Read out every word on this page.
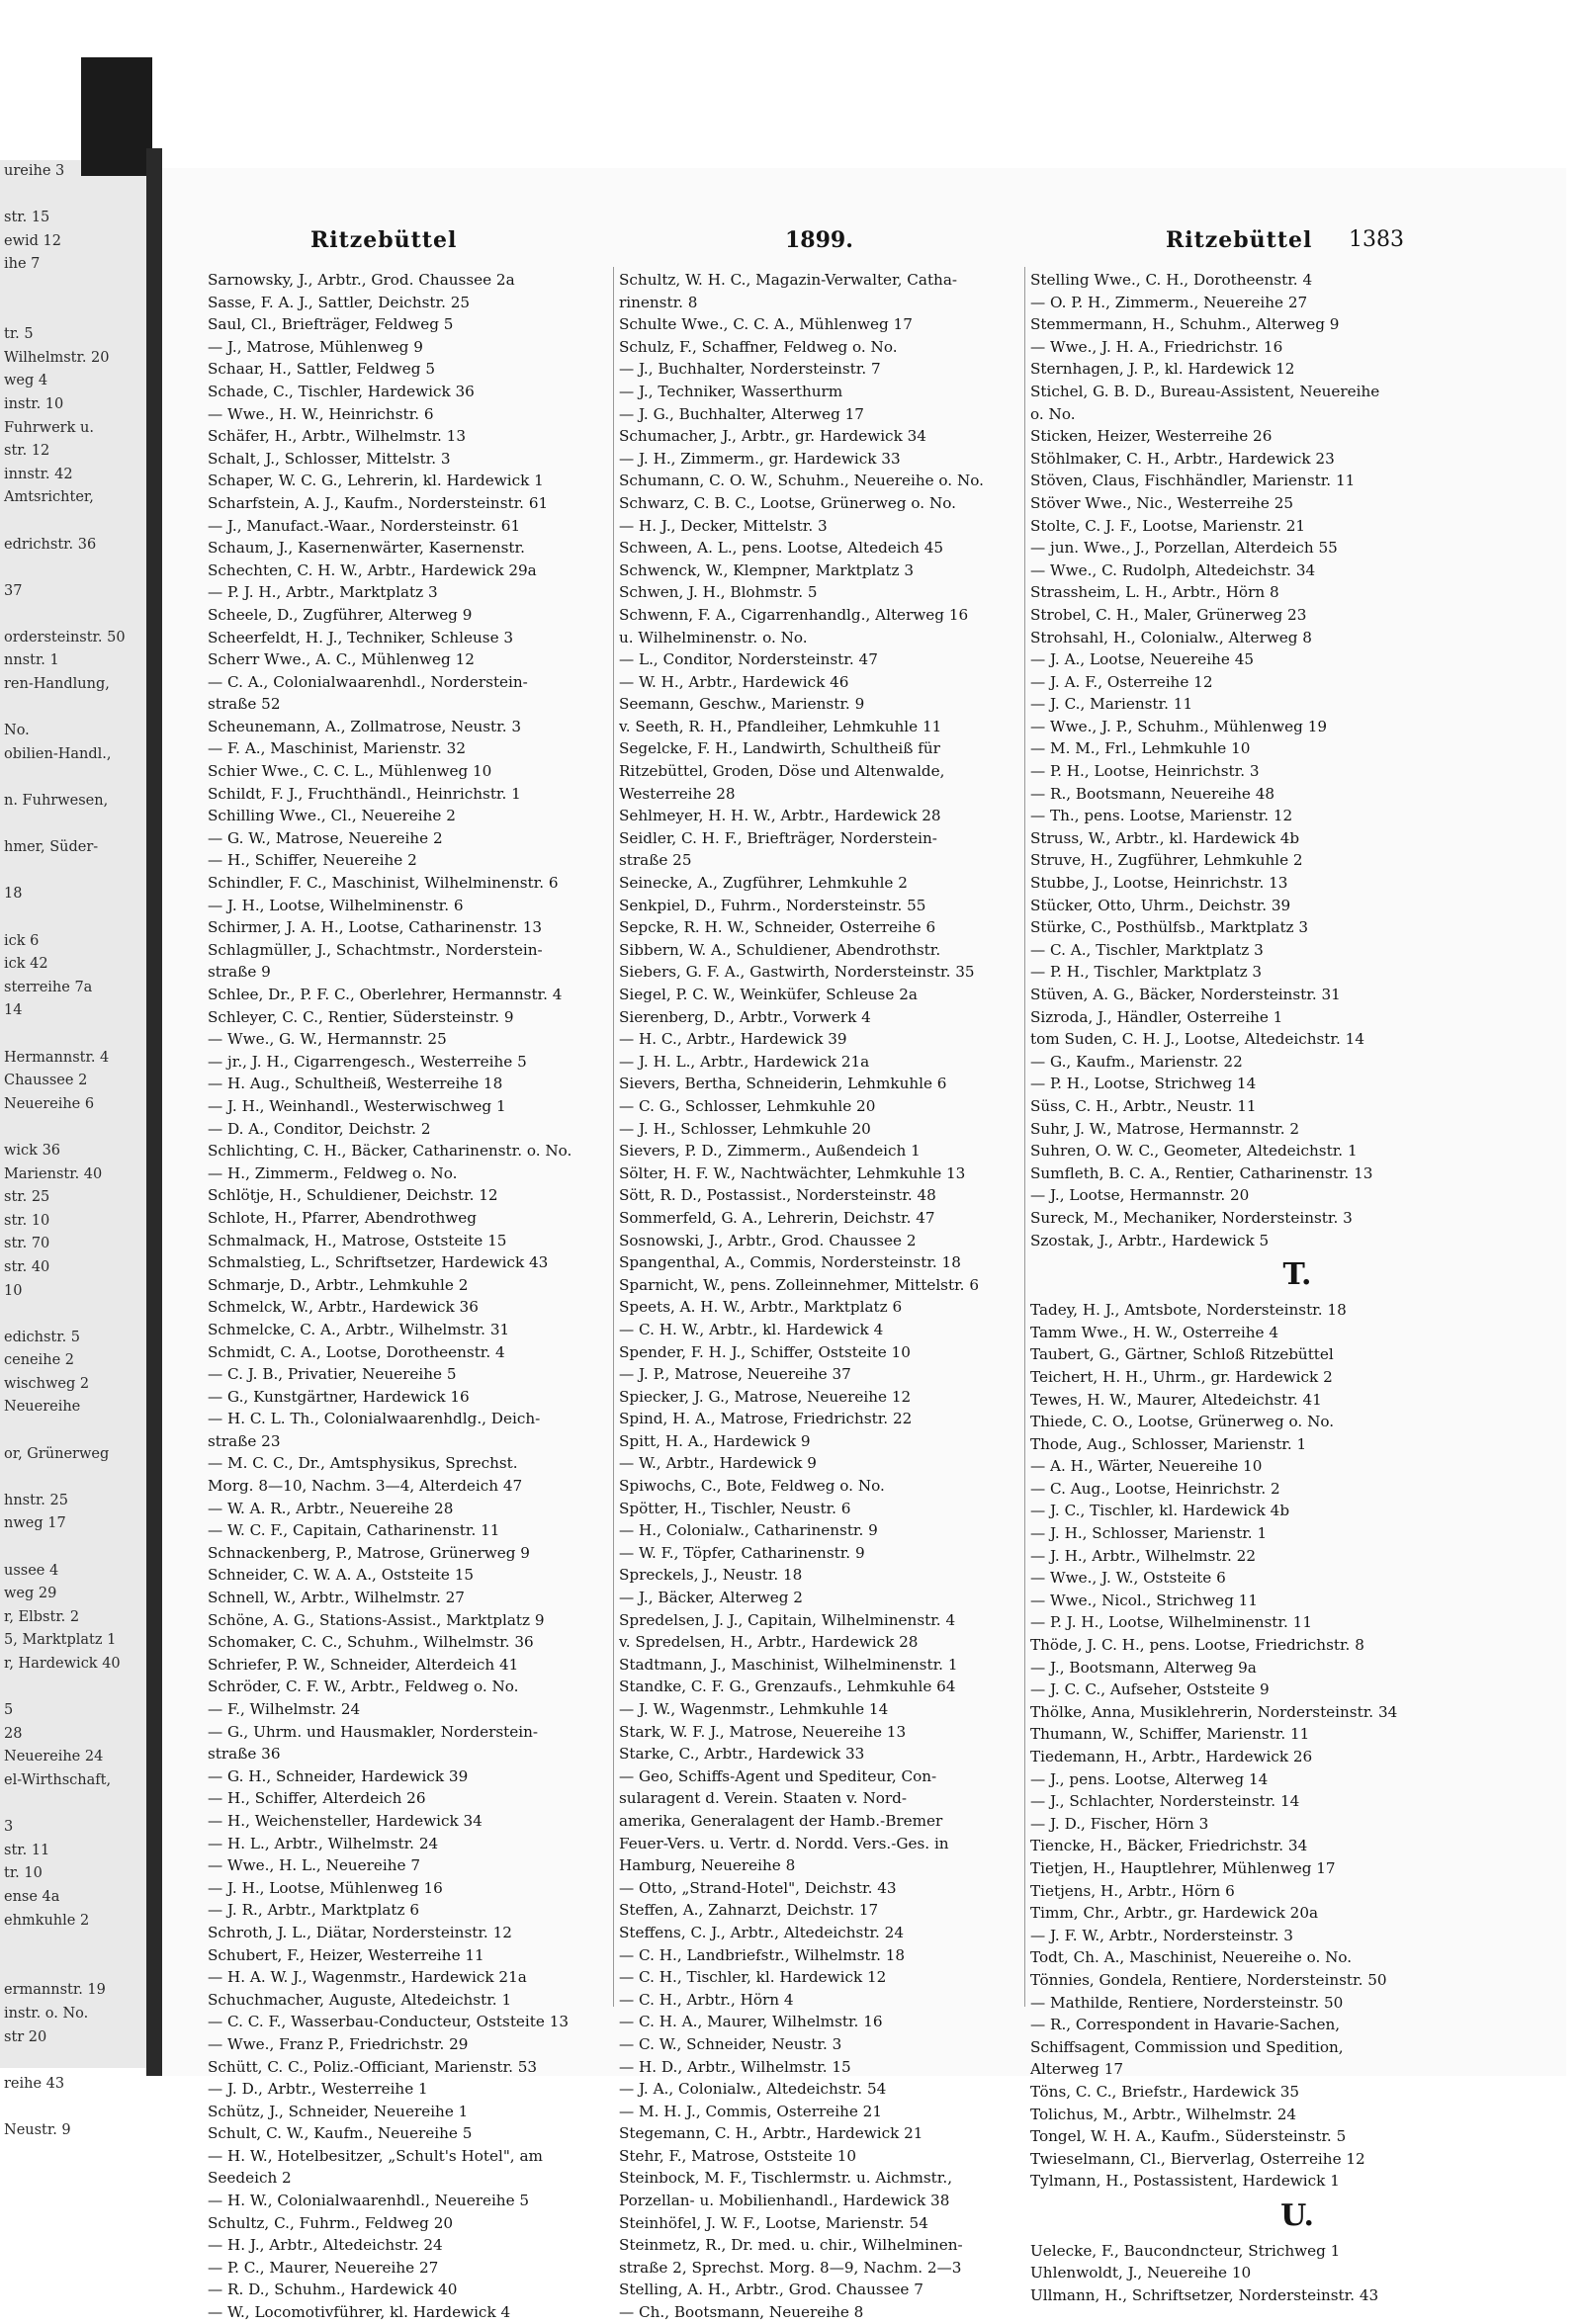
ureihe 3
str. 15
ewid 12
ihe 7
tr. 5
Wilhelmstr. 20
weg 4
instr. 10
Fuhrwerk u.
str. 12
innstr. 42
Amtsrichter,
edrichstr. 36
37
ordersteinstr. 50
nnstr. 1
ren-Handlung,
No.
obilien-Handl.,
n. Fuhrwesen,
hmer, Süder-
18
ick 6
ick 42
sterreihe 7a
14
Hermannstr. 4
Chaussee 2
Neuereihe 6
wick 36
Marienstr. 40
str. 25
str. 10
str. 70
str. 40
10
edichstr. 5
ceneihe 2
wischweg 2
Neuereihe
or, Grünerweg
hnstr. 25
nweg 17
ussee 4
weg 29
r, Elbstr. 2
5, Marktplatz 1
r, Hardewick 40
5
28
Neuereihe 24
el-Wirthschaft,
3
str. 11
tr. 10
ense 4a
ehmkuhle 2
ermannstr. 19
instr. o. No.
str 20
reihe 43
Neustr. 9
Ritzebüttel	1899.	Ritzebüttel 1383
Sarnowsky, J., Arbtr., Grod. Chaussee 2a
Sasse, F. A. J., Sattler, Deichstr. 25
Saul, Cl., Briefträger, Feldweg 5
— J., Matrose, Mühlenweg 9
Schaar, H., Sattler, Feldweg 5
Schade, C., Tischler, Hardewick 36
— Wwe., H. W., Heinrichstr. 6
Schäfer, H., Arbtr., Wilhelmstr. 13
Schalt, J., Schlosser, Mittelstr. 3
Schaper, W. C. G., Lehrerin, kl. Hardewick 1
Scharfstein, A. J., Kaufm., Nordersteinstr. 61
— J., Manufact.-Waar., Nordersteinstr. 61
Schaum, J., Kasernenwärter, Kasernenstr.
Schechten, C. H. W., Arbtr., Hardewick 29a
— P. J. H., Arbtr., Marktplatz 3
Scheele, D., Zugführer, Alterweg 9
Scheerfeldt, H. J., Techniker, Schleuse 3
Scherr Wwe., A. C., Mühlenweg 12
— C. A., Colonialwaarenhdl., Norderstein-
straße 52
Scheunemann, A., Zollmatrose, Neustr. 3
— F. A., Maschinist, Marienstr. 32
Schier Wwe., C. C. L., Mühlenweg 10
Schildt, F. J., Fruchthändl., Heinrichstr. 1
Schilling Wwe., Cl., Neuereihe 2
— G. W., Matrose, Neuereihe 2
— H., Schiffer, Neuereihe 2
Schindler, F. C., Maschinist, Wilhelminenstr. 6
— J. H., Lootse, Wilhelminenstr. 6
Schirmer, J. A. H., Lootse, Catharinenstr. 13
Schlagmüller, J., Schachtmstr., Norderstein-
straße 9
Schlee, Dr., P. F. C., Oberlehrer, Hermannstr. 4
Schleyer, C. C., Rentier, Südersteinstr. 9
— Wwe., G. W., Hermannstr. 25
— jr., J. H., Cigarrengesch., Westerreihe 5
— H. Aug., Schultheiß, Westerreihe 18
— J. H., Weinhandl., Westerwischweg 1
— D. A., Conditor, Deichstr. 2
Schlichting, C. H., Bäcker, Catharinenstr. o. No.
— H., Zimmerm., Feldweg o. No.
Schlötje, H., Schuldiener, Deichstr. 12
Schlote, H., Pfarrer, Abendrothweg
Schmalmack, H., Matrose, Oststeite 15
Schmalstieg, L., Schriftsetzer, Hardewick 43
Schmarje, D., Arbtr., Lehmkuhle 2
Schmelck, W., Arbtr., Hardewick 36
Schmelcke, C. A., Arbtr., Wilhelmstr. 31
Schmidt, C. A., Lootse, Dorotheenstr. 4
— C. J. B., Privatier, Neuereihe 5
— G., Kunstgärtner, Hardewick 16
— H. C. L. Th., Colonialwaarenhdlg., Deich-
straße 23
— M. C. C., Dr., Amtsphysikus, Sprechst.
Morg. 8—10, Nachm. 3—4, Alterdeich 47
— W. A. R., Arbtr., Neuereihe 28
— W. C. F., Capitain, Catharinenstr. 11
Schnackenberg, P., Matrose, Grünerweg 9
Schneider, C. W. A. A., Oststeite 15
Schnell, W., Arbtr., Wilhelmstr. 27
Schöne, A. G., Stations-Assist., Marktplatz 9
Schomaker, C. C., Schuhm., Wilhelmstr. 36
Schriefer, P. W., Schneider, Alterdeich 41
Schröder, C. F. W., Arbtr., Feldweg o. No.
— F., Wilhelmstr. 24
— G., Uhrm. und Hausmakler, Norderstein-
straße 36
— G. H., Schneider, Hardewick 39
— H., Schiffer, Alterdeich 26
— H., Weichensteller, Hardewick 34
— H. L., Arbtr., Wilhelmstr. 24
— Wwe., H. L., Neuereihe 7
— J. H., Lootse, Mühlenweg 16
— J. R., Arbtr., Marktplatz 6
Schroth, J. L., Diätar, Nordersteinstr. 12
Schubert, F., Heizer, Westerreihe 11
— H. A. W. J., Wagenmstr., Hardewick 21a
Schuchmacher, Auguste, Altedeichstr. 1
— C. C. F., Wasserbau-Conducteur, Oststeite 13
— Wwe., Franz P., Friedrichstr. 29
Schütt, C. C., Poliz.-Officiant, Marienstr. 53
— J. D., Arbtr., Westerreihe 1
Schütz, J., Schneider, Neuereihe 1
Schult, C. W., Kaufm., Neuereihe 5
— H. W., Hotelbesitzer, „Schult's Hotel", am
Seedeich 2
— H. W., Colonialwaarenhdl., Neuereihe 5
Schultz, C., Fuhrm., Feldweg 20
— H. J., Arbtr., Altedeichstr. 24
— P. C., Maurer, Neuereihe 27
— R. D., Schuhm., Hardewick 40
— W., Locomotivführer, kl. Hardewick 4
Schultz, W. H. C., Magazin-Verwalter, Catha-
rinenstr. 8
Schulte Wwe., C. C. A., Mühlenweg 17
Schulz, F., Schaffner, Feldweg o. No.
— J., Buchhalter, Nordersteinstr. 7
— J., Techniker, Wasserthurm
— J. G., Buchhalter, Alterweg 17
Schumacher, J., Arbtr., gr. Hardewick 34
— J. H., Zimmerm., gr. Hardewick 33
Schumann, C. O. W., Schuhm., Neuereihe o. No.
Schwarz, C. B. C., Lootse, Grünerweg o. No.
— H. J., Decker, Mittelstr. 3
Schween, A. L., pens. Lootse, Altedeich 45
Schwenck, W., Klempner, Marktplatz 3
Schwen, J. H., Blohmstr. 5
Schwenn, F. A., Cigarrenhandlg., Alterweg 16
u. Wilhelminenstr. o. No.
— L., Conditor, Nordersteinstr. 47
— W. H., Arbtr., Hardewick 46
Seemann, Geschw., Marienstr. 9
v. Seeth, R. H., Pfandleiher, Lehmkuhle 11
Segelcke, F. H., Landwirth, Schultheiß für
Ritzebüttel, Groden, Döse und Altenwalde,
Westerreihe 28
Sehlmeyer, H. H. W., Arbtr., Hardewick 28
Seidler, C. H. F., Briefträger, Norderstein-
straße 25
Seinecke, A., Zugführer, Lehmkuhle 2
Senkpiel, D., Fuhrm., Nordersteinstr. 55
Sepcke, R. H. W., Schneider, Osterreihe 6
Sibbern, W. A., Schuldiener, Abendrothstr.
Siebers, G. F. A., Gastwirth, Nordersteinstr. 35
Siegel, P. C. W., Weinküfer, Schleuse 2a
Sierenberg, D., Arbtr., Vorwerk 4
— H. C., Arbtr., Hardewick 39
— J. H. L., Arbtr., Hardewick 21a
Sievers, Bertha, Schneiderin, Lehmkuhle 6
— C. G., Schlosser, Lehmkuhle 20
— J. H., Schlosser, Lehmkuhle 20
Sievers, P. D., Zimmerm., Außendeich 1
Sölter, H. F. W., Nachtwächter, Lehmkuhle 13
Sött, R. D., Postassist., Nordersteinstr. 48
Sommerfeld, G. A., Lehrerin, Deichstr. 47
Sosnowski, J., Arbtr., Grod. Chaussee 2
Spangenthal, A., Commis, Nordersteinstr. 18
Sparnicht, W., pens. Zolleinnehmer, Mittelstr. 6
Speets, A. H. W., Arbtr., Marktplatz 6
— C. H. W., Arbtr., kl. Hardewick 4
Spender, F. H. J., Schiffer, Oststeite 10
— J. P., Matrose, Neuereihe 37
Spiecker, J. G., Matrose, Neuereihe 12
Spind, H. A., Matrose, Friedrichstr. 22
Spitt, H. A., Hardewick 9
— W., Arbtr., Hardewick 9
Spiwochs, C., Bote, Feldweg o. No.
Spötter, H., Tischler, Neustr. 6
— H., Colonialw., Catharinenstr. 9
— W. F., Töpfer, Catharinenstr. 9
Spreckels, J., Neustr. 18
— J., Bäcker, Alterweg 2
Spredelsen, J. J., Capitain, Wilhelminenstr. 4
v. Spredelsen, H., Arbtr., Hardewick 28
Stadtmann, J., Maschinist, Wilhelminenstr. 1
Standke, C. F. G., Grenzaufs., Lehmkuhle 64
— J. W., Wagenmstr., Lehmkuhle 14
Stark, W. F. J., Matrose, Neuereihe 13
Starke, C., Arbtr., Hardewick 33
— Geo, Schiffs-Agent und Spediteur, Con-
sularagent d. Verein. Staaten v. Nord-
amerika, Generalagent der Hamb.-Bremer
Feuer-Vers. u. Vertr. d. Nordd. Vers.-Ges. in
Hamburg, Neuereihe 8
— Otto, „Strand-Hotel", Deichstr. 43
Steffen, A., Zahnarzt, Deichstr. 17
Steffens, C. J., Arbtr., Altedeichstr. 24
— C. H., Landbriefstr., Wilhelmstr. 18
— C. H., Tischler, kl. Hardewick 12
— C. H., Arbtr., Hörn 4
— C. H. A., Maurer, Wilhelmstr. 16
— C. W., Schneider, Neustr. 3
— H. D., Arbtr., Wilhelmstr. 15
— J. A., Colonialw., Altedeichstr. 54
— M. H. J., Commis, Osterreihe 21
Stegemann, C. H., Arbtr., Hardewick 21
Stehr, F., Matrose, Oststeite 10
Steinbock, M. F., Tischlermstr. u. Aichmstr.,
Porzellan- u. Mobilienhandl., Hardewick 38
Steinhöfel, J. W. F., Lootse, Marienstr. 54
Steinmetz, R., Dr. med. u. chir., Wilhelminen-
straße 2, Sprechst. Morg. 8—9, Nachm. 2—3
Stelling, A. H., Arbtr., Grod. Chaussee 7
— Ch., Bootsmann, Neuereihe 8
Stelling Wwe., C. H., Dorotheenstr. 4
— O. P. H., Zimmerm., Neuereihe 27
Stemmermann, H., Schuhm., Alterweg 9
— Wwe., J. H. A., Friedrichstr. 16
Sternhagen, J. P., kl. Hardewick 12
Stichel, G. B. D., Bureau-Assistent, Neuereihe
o. No.
Sticken, Heizer, Westerreihe 26
Stöhlmaker, C. H., Arbtr., Hardewick 23
Stöven, Claus, Fischhändler, Marienstr. 11
Stöver Wwe., Nic., Westerreihe 25
Stolte, C. J. F., Lootse, Marienstr. 21
— jun. Wwe., J., Porzellan, Alterdeich 55
— Wwe., C. Rudolph, Altedeichstr. 34
Strassheim, L. H., Arbtr., Hörn 8
Strobel, C. H., Maler, Grünerweg 23
Strohsahl, H., Colonialw., Alterweg 8
— J. A., Lootse, Neuereihe 45
— J. A. F., Osterreihe 12
— J. C., Marienstr. 11
— Wwe., J. P., Schuhm., Mühlenweg 19
— M. M., Frl., Lehmkuhle 10
— P. H., Lootse, Heinrichstr. 3
— R., Bootsmann, Neuereihe 48
— Th., pens. Lootse, Marienstr. 12
Struss, W., Arbtr., kl. Hardewick 4b
Struve, H., Zugführer, Lehmkuhle 2
Stubbe, J., Lootse, Heinrichstr. 13
Stücker, Otto, Uhrm., Deichstr. 39
Stürke, C., Posthülfsb., Marktplatz 3
— C. A., Tischler, Marktplatz 3
— P. H., Tischler, Marktplatz 3
Stüven, A. G., Bäcker, Nordersteinstr. 31
Sizroda, J., Händler, Osterreihe 1
tom Suden, C. H. J., Lootse, Altedeichstr. 14
— G., Kaufm., Marienstr. 22
— P. H., Lootse, Strichweg 14
Süss, C. H., Arbtr., Neustr. 11
Suhr, J. W., Matrose, Hermannstr. 2
Suhren, O. W. C., Geometer, Altedeichstr. 1
Sumfleth, B. C. A., Rentier, Catharinenstr. 13
— J., Lootse, Hermannstr. 20
Sureck, M., Mechaniker, Nordersteinstr. 3
Szostak, J., Arbtr., Hardewick 5
T.
Tadey, H. J., Amtsbote, Nordersteinstr. 18
Tamm Wwe., H. W., Osterreihe 4
Taubert, G., Gärtner, Schloß Ritzebüttel
Teichert, H. H., Uhrm., gr. Hardewick 2
Tewes, H. W., Maurer, Altedeichstr. 41
Thiede, C. O., Lootse, Grünerweg o. No.
Thode, Aug., Schlosser, Marienstr. 1
— A. H., Wärter, Neuereihe 10
— C. Aug., Lootse, Heinrichstr. 2
— J. C., Tischler, kl. Hardewick 4b
— J. H., Schlosser, Marienstr. 1
— J. H., Arbtr., Wilhelmstr. 22
— Wwe., J. W., Oststeite 6
— Wwe., Nicol., Strichweg 11
— P. J. H., Lootse, Wilhelminenstr. 11
Thöde, J. C. H., pens. Lootse, Friedrichstr. 8
— J., Bootsmann, Alterweg 9a
— J. C. C., Aufseher, Oststeite 9
Thölke, Anna, Musiklehrerin, Nordersteinstr. 34
Thumann, W., Schiffer, Marienstr. 11
Tiedemann, H., Arbtr., Hardewick 26
— J., pens. Lootse, Alterweg 14
— J., Schlachter, Nordersteinstr. 14
— J. D., Fischer, Hörn 3
Tiencke, H., Bäcker, Friedrichstr. 34
Tietjen, H., Hauptlehrer, Mühlenweg 17
Tietjens, H., Arbtr., Hörn 6
Timm, Chr., Arbtr., gr. Hardewick 20a
— J. F. W., Arbtr., Nordersteinstr. 3
Todt, Ch. A., Maschinist, Neuereihe o. No.
Tönnies, Gondela, Rentiere, Nordersteinstr. 50
— Mathilde, Rentiere, Nordersteinstr. 50
— R., Correspondent in Havarie-Sachen,
Schiffsagent, Commission und Spedition,
Alterweg 17
Töns, C. C., Briefstr., Hardewick 35
Tolichus, M., Arbtr., Wilhelmstr. 24
Tongel, W. H. A., Kaufm., Südersteinstr. 5
Twieselmann, Cl., Bierverlag, Osterreihe 12
Tylmann, H., Postassistent, Hardewick 1
U.
Uelecke, F., Baucondncteur, Strichweg 1
Uhlenwoldt, J., Neuereihe 10
Ullmann, H., Schriftsetzer, Nordersteinstr. 43
